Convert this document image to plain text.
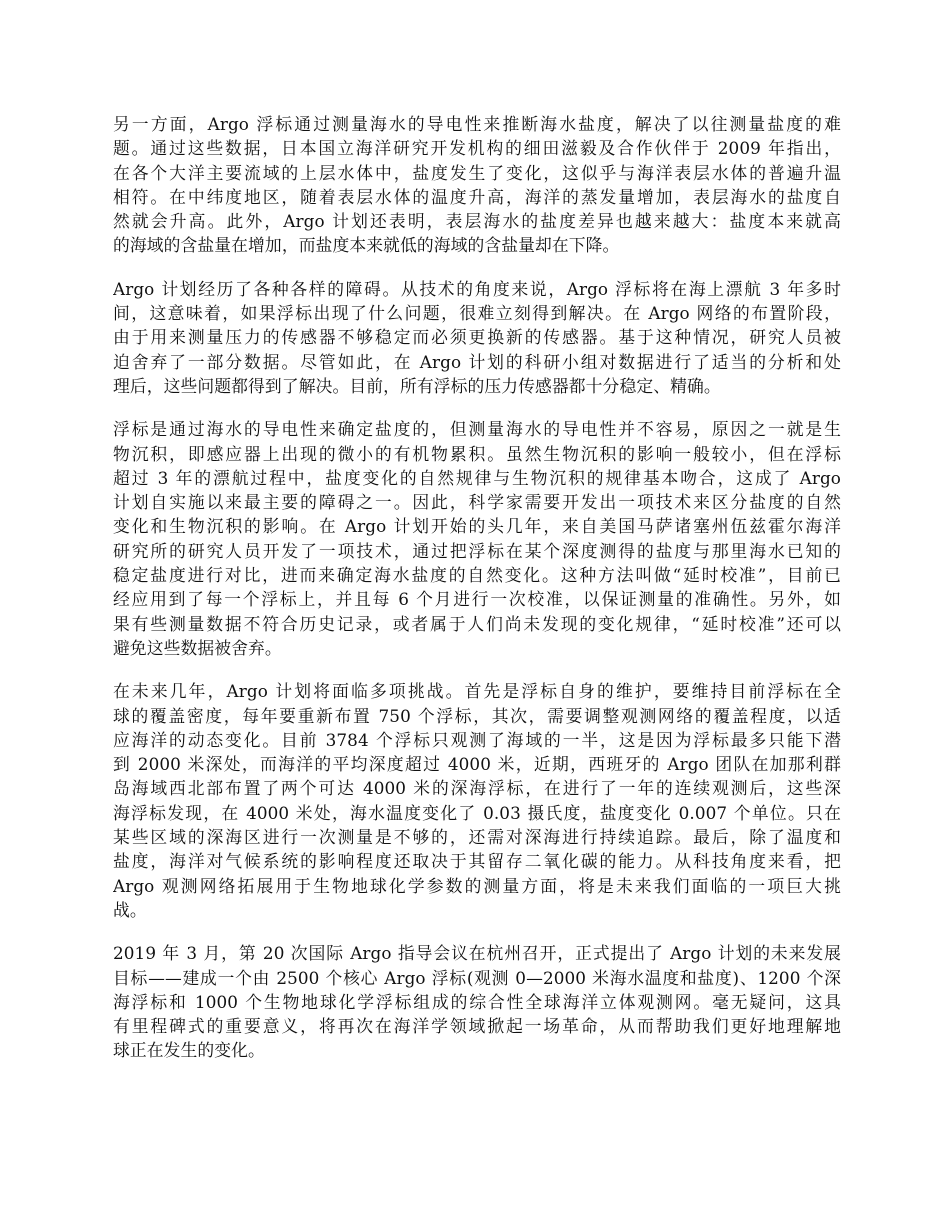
另一方面，Argo 浮标通过测量海水的导电性来推断海水盐度，解决了以往测量盐度的难
题。通过这些数据，日本国立海洋研究开发机构的细田滋毅及合作伙伴于 2009 年指出，
在各个大洋主要流域的上层水体中，盐度发生了变化，这似乎与海洋表层水体的普遍升温
相符。在中纬度地区，随着表层水体的温度升高，海洋的蒸发量增加，表层海水的盐度自
然就会升高。此外，Argo 计划还表明，表层海水的盐度差异也越来越大：盐度本来就高
的海域的含盐量在增加，而盐度本来就低的海域的含盐量却在下降。

Argo 计划经历了各种各样的障碍。从技术的角度来说，Argo 浮标将在海上漂航 3 年多时
间，这意味着，如果浮标出现了什么问题，很难立刻得到解决。在 Argo 网络的布置阶段，
由于用来测量压力的传感器不够稳定而必须更换新的传感器。基于这种情况，研究人员被
迫舍弃了一部分数据。尽管如此，在 Argo 计划的科研小组对数据进行了适当的分析和处
理后，这些问题都得到了解决。目前，所有浮标的压力传感器都十分稳定、精确。

浮标是通过海水的导电性来确定盐度的，但测量海水的导电性并不容易，原因之一就是生
物沉积，即感应器上出现的微小的有机物累积。虽然生物沉积的影响一般较小，但在浮标
超过 3 年的漂航过程中，盐度变化的自然规律与生物沉积的规律基本吻合，这成了 Argo
计划自实施以来最主要的障碍之一。因此，科学家需要开发出一项技术来区分盐度的自然
变化和生物沉积的影响。在 Argo 计划开始的头几年，来自美国马萨诸塞州伍兹霍尔海洋
研究所的研究人员开发了一项技术，通过把浮标在某个深度测得的盐度与那里海水已知的
稳定盐度进行对比，进而来确定海水盐度的自然变化。这种方法叫做“延时校准”，目前已
经应用到了每一个浮标上，并且每 6 个月进行一次校准，以保证测量的准确性。另外，如
果有些测量数据不符合历史记录，或者属于人们尚未发现的变化规律，“延时校准”还可以
避免这些数据被舍弃。

在未来几年，Argo 计划将面临多项挑战。首先是浮标自身的维护，要维持目前浮标在全
球的覆盖密度，每年要重新布置 750 个浮标，其次，需要调整观测网络的覆盖程度，以适
应海洋的动态变化。目前 3784 个浮标只观测了海域的一半，这是因为浮标最多只能下潜
到 2000 米深处，而海洋的平均深度超过 4000 米，近期，西班牙的 Argo 团队在加那利群
岛海域西北部布置了两个可达 4000 米的深海浮标，在进行了一年的连续观测后，这些深
海浮标发现，在 4000 米处，海水温度变化了 0.03 摄氏度，盐度变化 0.007 个单位。只在
某些区域的深海区进行一次测量是不够的，还需对深海进行持续追踪。最后，除了温度和
盐度，海洋对气候系统的影响程度还取决于其留存二氧化碳的能力。从科技角度来看，把
Argo 观测网络拓展用于生物地球化学参数的测量方面，将是未来我们面临的一项巨大挑
战。

2019 年 3 月，第 20 次国际 Argo 指导会议在杭州召开，正式提出了 Argo 计划的未来发展
目标——建成一个由 2500 个核心 Argo 浮标(观测 0—2000 米海水温度和盐度)、1200 个深
海浮标和 1000 个生物地球化学浮标组成的综合性全球海洋立体观测网。毫无疑问，这具
有里程碑式的重要意义，将再次在海洋学领域掀起一场革命，从而帮助我们更好地理解地
球正在发生的变化。
